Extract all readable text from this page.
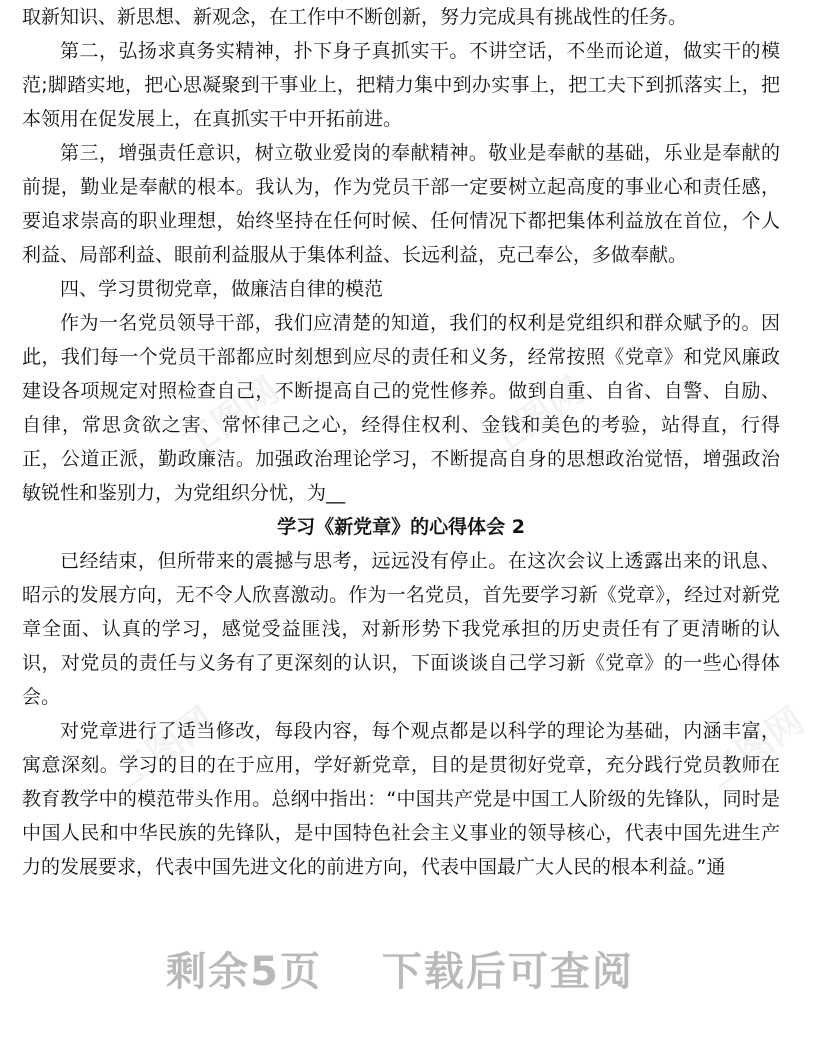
取新知识、新思想、新观念，在工作中不断创新，努力完成具有挑战性的任务。

第二，弘扬求真务实精神，扑下身子真抓实干。不讲空话，不坐而论道，做实干的模范;脚踏实地，把心思凝聚到干事业上，把精力集中到办实事上，把工夫下到抓落实上，把本领用在促发展上，在真抓实干中开拓前进。

第三，增强责任意识，树立敬业爱岗的奉献精神。敬业是奉献的基础，乐业是奉献的前提，勤业是奉献的根本。我认为，作为党员干部一定要树立起高度的事业心和责任感，要追求崇高的职业理想，始终坚持在任何时候、任何情况下都把集体利益放在首位，个人利益、局部利益、眼前利益服从于集体利益、长远利益，克己奉公，多做奉献。

四、学习贯彻党章，做廉洁自律的模范

作为一名党员领导干部，我们应清楚的知道，我们的权利是党组织和群众赋予的。因此，我们每一个党员干部都应时刻想到应尽的责任和义务，经常按照《党章》和党风廉政建设各项规定对照检查自己，不断提高自己的党性修养。做到自重、自省、自警、自励、自律，常思贪欲之害、常怀律己之心，经得住权利、金钱和美色的考验，站得直，行得正，公道正派，勤政廉洁。加强政治理论学习，不断提高自身的思想政治觉悟，增强政治敏锐性和鉴别力，为党组织分忧，为__

学习《新党章》的心得体会 2

已经结束，但所带来的震撼与思考，远远没有停止。在这次会议上透露出来的讯息、昭示的发展方向，无不令人欣喜激动。作为一名党员，首先要学习新《党章》，经过对新党章全面、认真的学习，感觉受益匪浅，对新形势下我党承担的历史责任有了更清晰的认识，对党员的责任与义务有了更深刻的认识，下面谈谈自己学习新《党章》的一些心得体会。

对党章进行了适当修改，每段内容，每个观点都是以科学的理论为基础，内涵丰富，寓意深刻。学习的目的在于应用，学好新党章，目的是贯彻好党章，充分践行党员教师在教育教学中的模范带头作用。总纲中指出：“中国共产党是中国工人阶级的先锋队，同时是中国人民和中华民族的先锋队，是中国特色社会主义事业的领导核心，代表中国先进生产力的发展要求，代表中国先进文化的前进方向，代表中国最广大人民的根本利益。”通

工图网	工图网
工图网	工图网
剩余5页 下载后可查阅
